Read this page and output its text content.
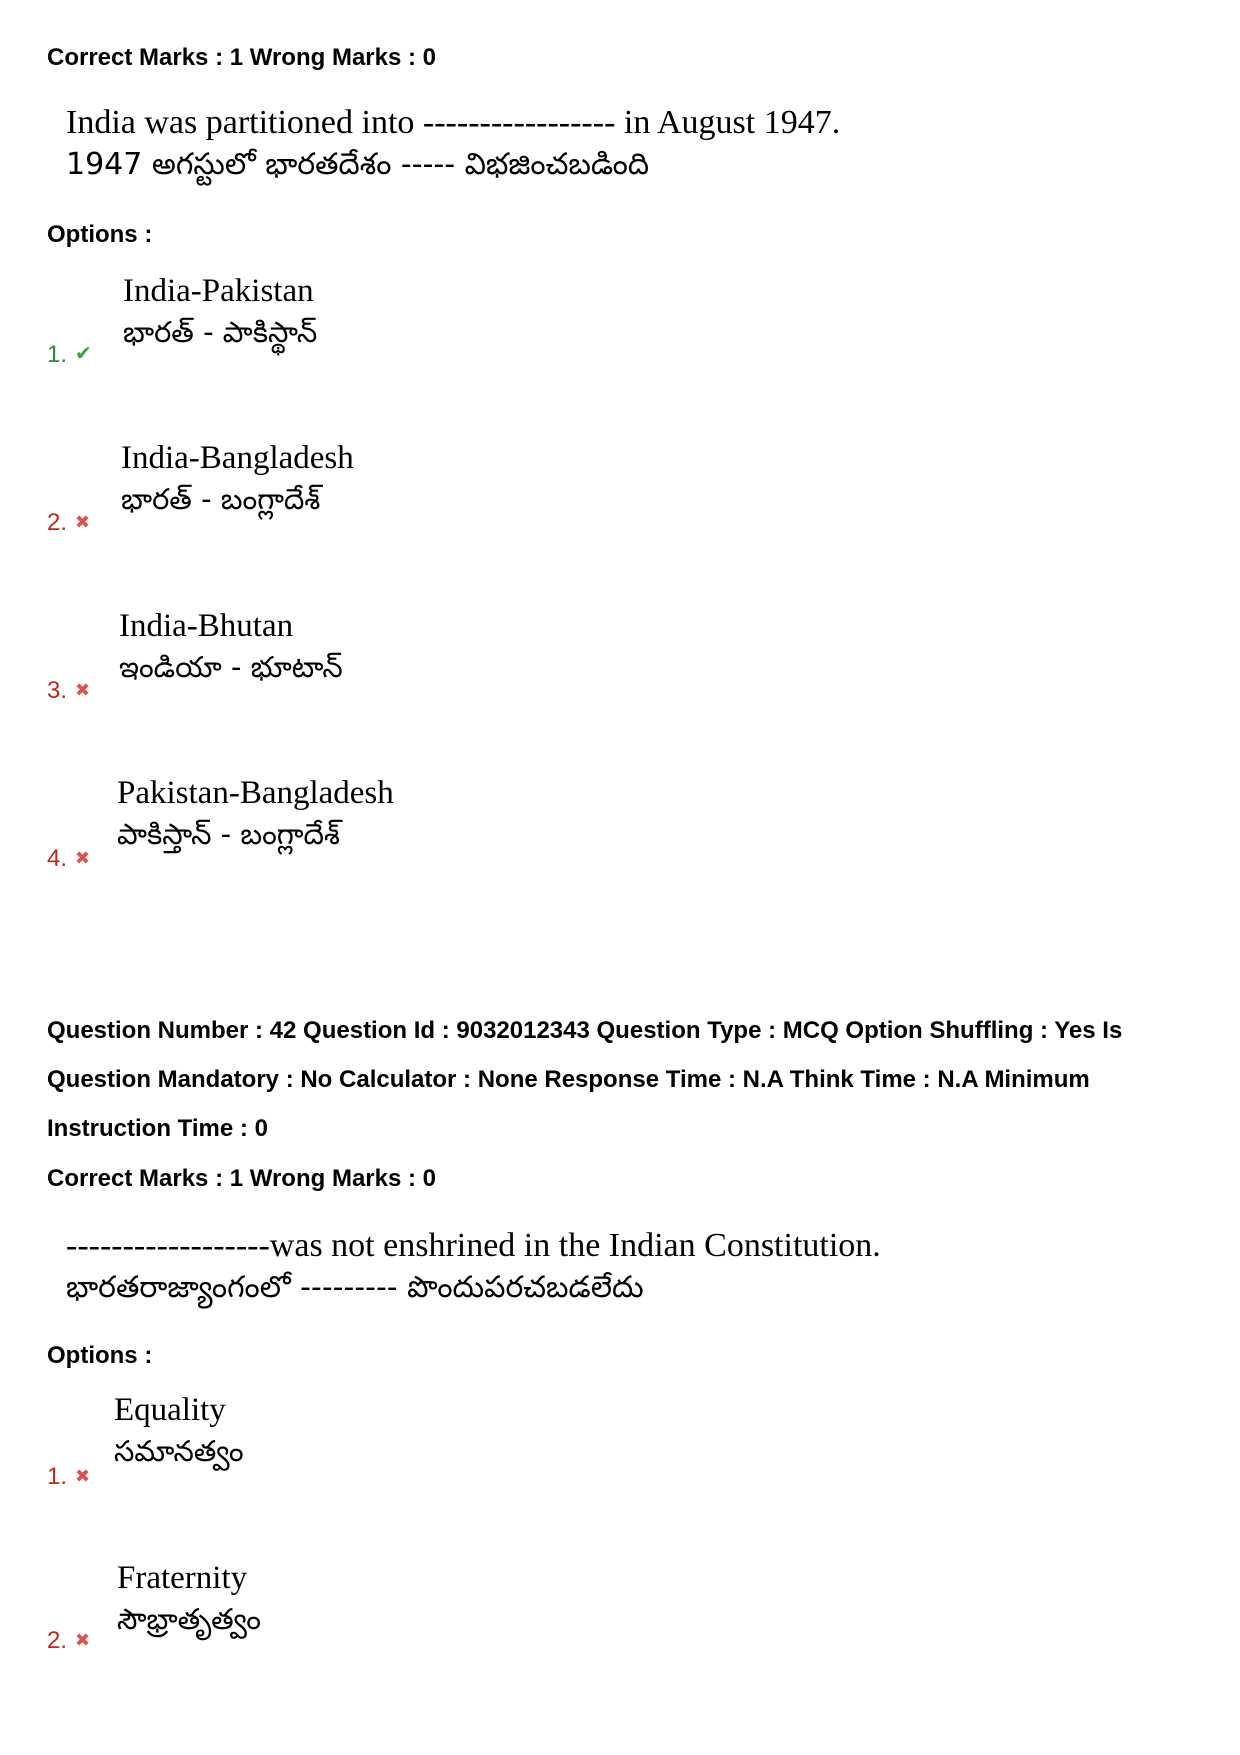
Correct Marks : 1 Wrong Marks : 0
India was partitioned into ----------------- in August 1947.
1947 అగస్టులో భారతదేశం ----- విభజించబడింది
Options :
India-Pakistan
భారత్ - పాకిస్థాన్
1. ✔
India-Bangladesh
భారత్ - బంగ్లాదేశ్
2. ✖
India-Bhutan
ఇండియా - భూటాన్
3. ✖
Pakistan-Bangladesh
పాకిస్తాన్ - బంగ్లాదేశ్
4. ✖
Question Number : 42 Question Id : 9032012343 Question Type : MCQ Option Shuffling : Yes Is Question Mandatory : No Calculator : None Response Time : N.A Think Time : N.A Minimum Instruction Time : 0
Correct Marks : 1 Wrong Marks : 0
------------------was not enshrined in the Indian Constitution.
భారతరాజ్యాంగంలో --------- పొందుపరచబడలేదు
Options :
Equality
సమానత్వం
1. ✖
Fraternity
సౌభ్రాతృత్వం
2. ✖
